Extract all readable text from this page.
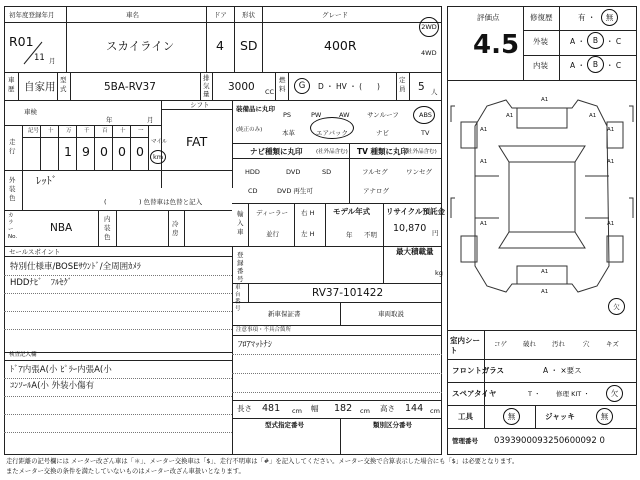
初年度登録年月
R01
11 月
車名
スカイライン
ドア
4
形状
SD
グレード
400R
2WD
4WD
車歴 自家用
型式	5BA-RV37
排気量
3000 CC
燃料 G D ・ HV ・ (　　)
定員 5 人
車検
年	月
シフト
FAT
走行
記号 十 万 千 百 十 一
1 9 0 0 0
マイル
km
外装色
ﾚｯﾄﾞ
(　　　　　) 色替車は色替と記入
カラーNo.
NBA
内装色
冷房
装備品に丸印
(純正のみ)
PS	PW	AW	サンルーフ	ABS
本革	エアバック	ナビ	TV
ナビ種類に丸印 (社外品含む) TV 種類に丸印
(社外品含む)
HDD	DVD	SD
CD	DVD 再生可
フルセグ	ワンセグ
アナログ
輸入車
ディーラー
並行
右 H
左 H
モデル年式
年 不明
リサイクル預託金
10,870 円
登録番号
最大積載量
kg
車台番号
RV37-101422
新車保証書	車両取説
セールスポイント
特別仕様車/BOSEｻｳﾝﾄﾞ/全周囲ｶﾒﾗ
HDDﾅﾋﾞ　ﾌﾙｾｸﾞ
注意事項・不具合箇所
ﾌﾛｱﾏｯﾄﾅｼ
検査記入欄
ﾄﾞｱ内張A(小 ﾋﾟﾗｰ内張A(小
ｺﾝｿｰﾙA(小 外装小傷有
長さ 481 cm 幅 182 cm 高さ 144 cm
型式指定番号	類別区分番号
評価点
4.5
修復歴	有 ・ 無
外装	A ・ B ・ C
内装	A ・ B ・ C
A1
A1	A1
A1	A1
A1	A1
A1	A1
A1
A1
欠
室内シート
コゲ 破れ 汚れ	穴	キズ
フロントガラス	A ・ ×要ス
スペアタイヤ	T ・ 修理 KIT ・	欠
工具	無	ジャッキ	無
管理番号 0393900093250600092 0
走行距離の記号欄には メーター改ざん車は「＊」、メーター交換車は「$」、走行不明車は「#」を記入してください。メーター交換で合算表示した場合にも「$」は必要となります。
またメーター交換の条件を満たしていないものはメーター改ざん車扱いとなります。
